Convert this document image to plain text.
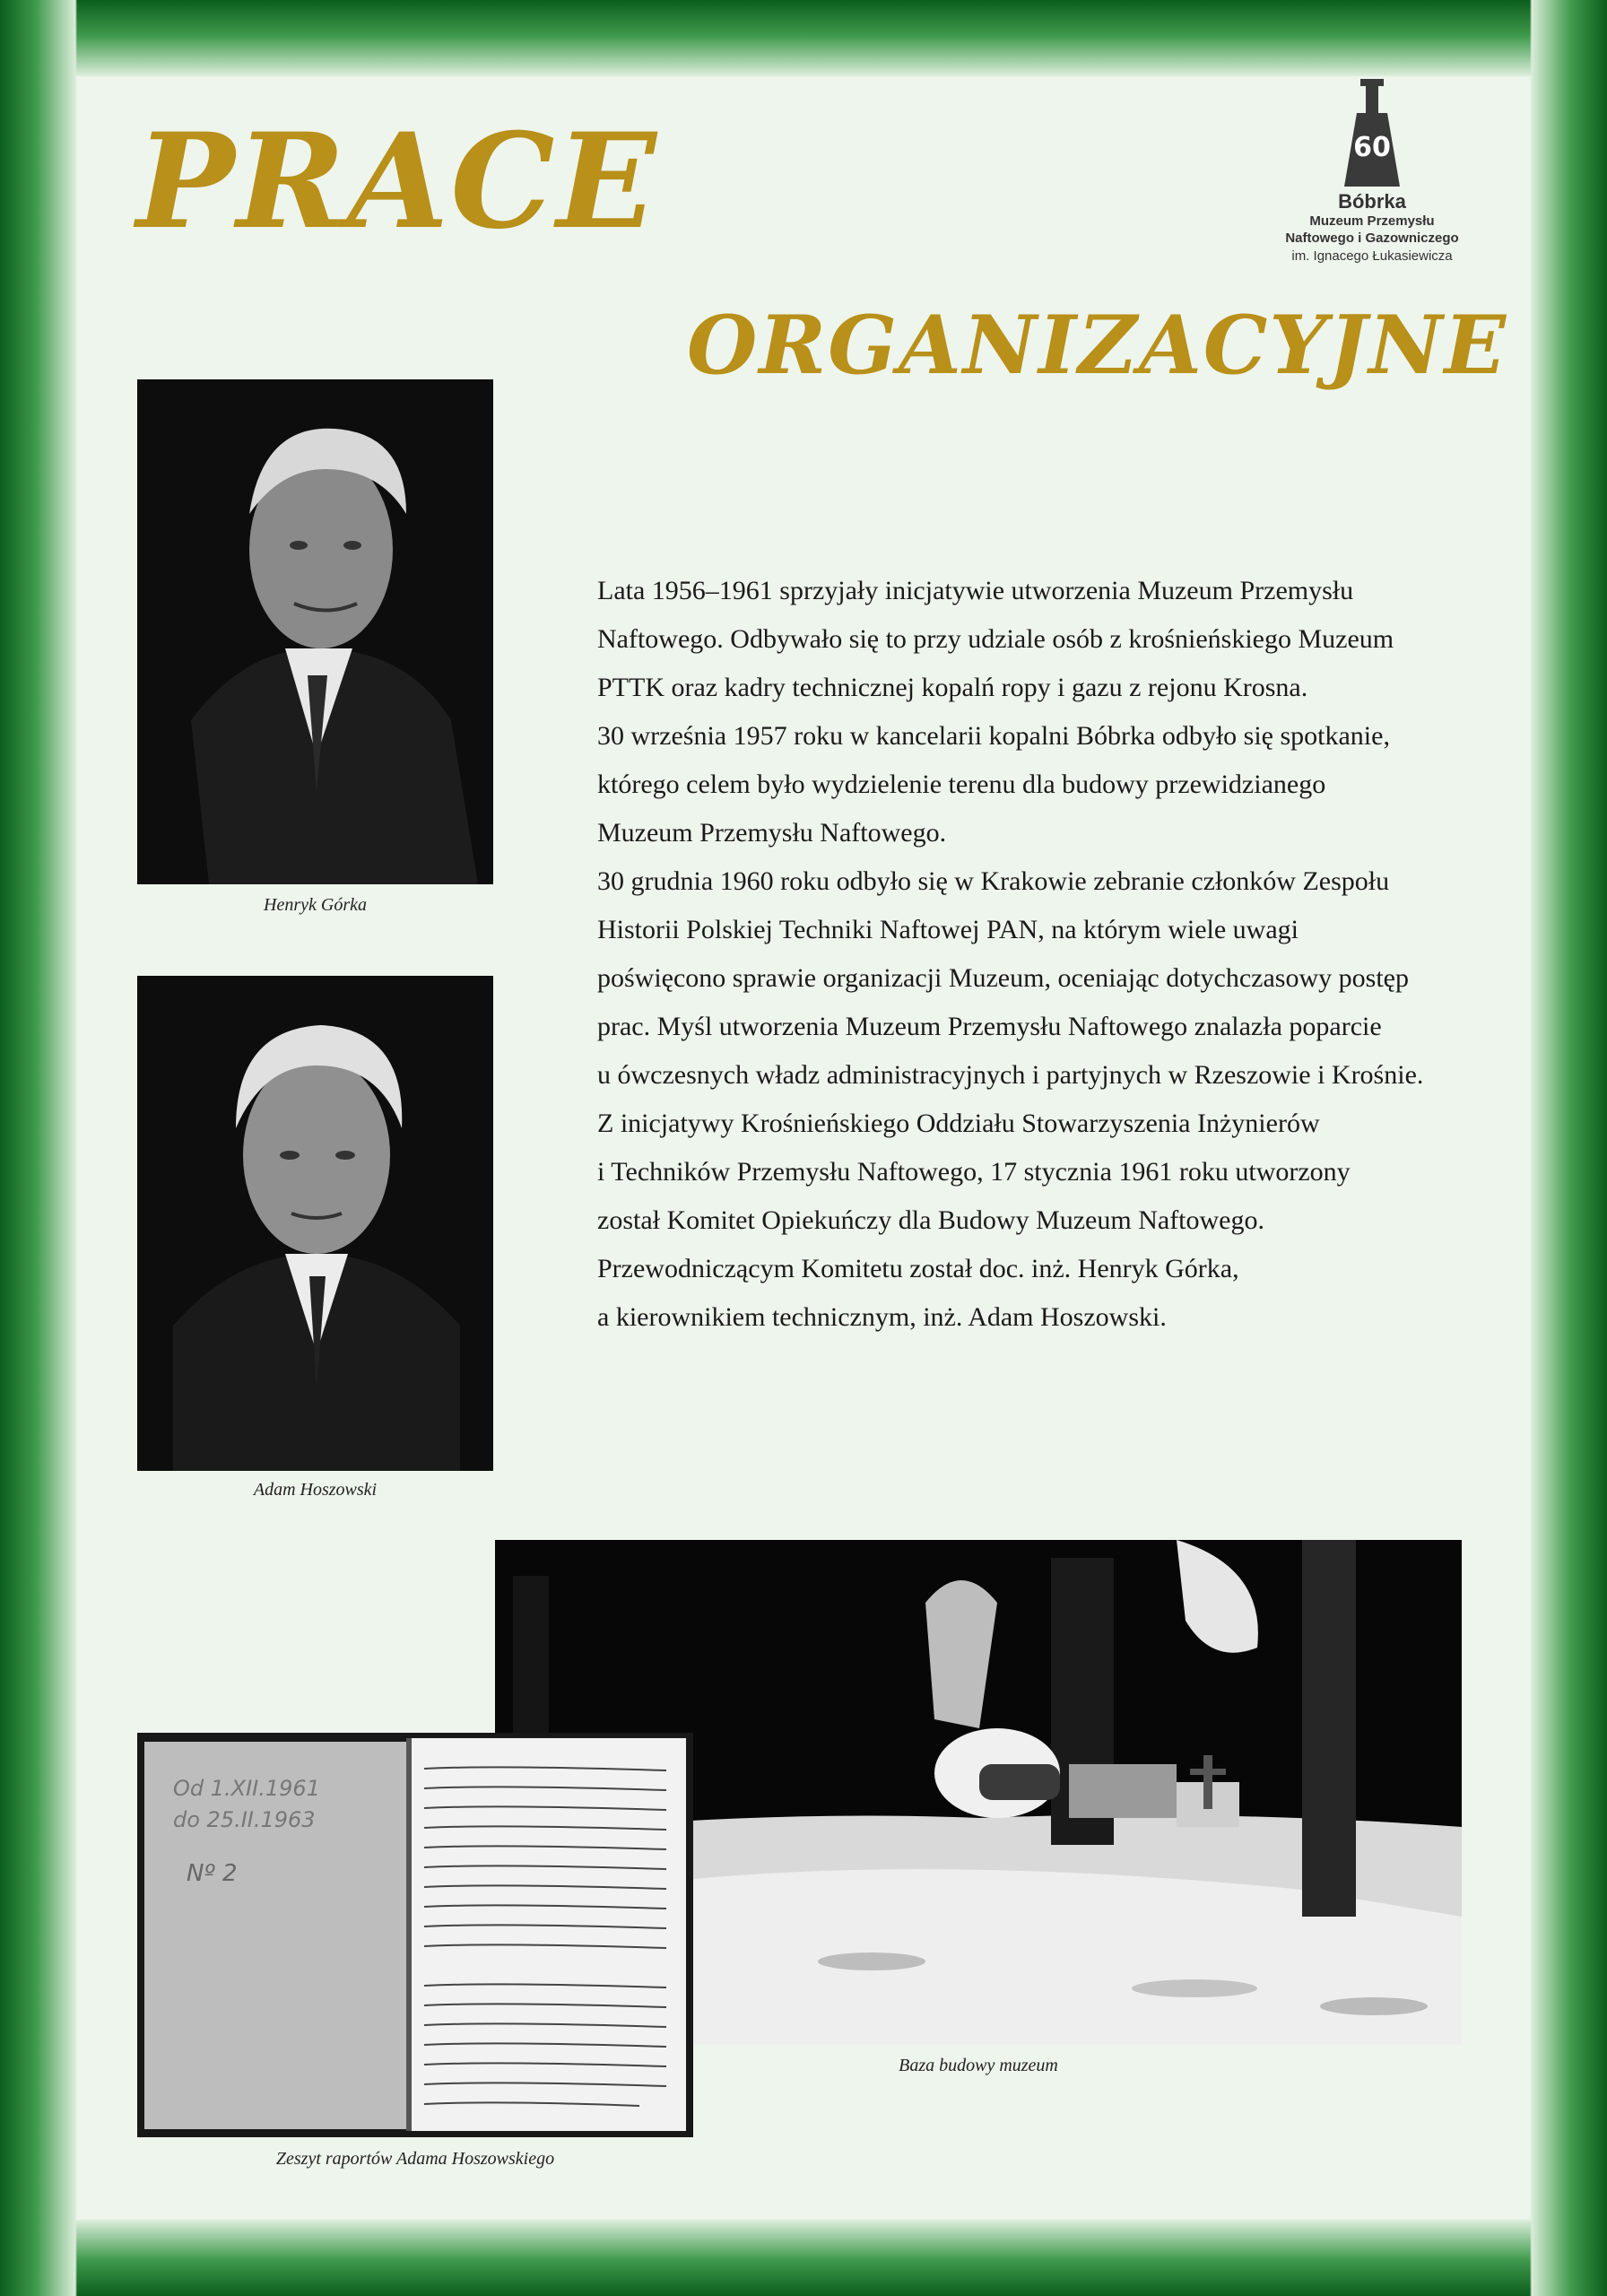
PRACE
ORGANIZACYJNE
60
Bóbrka
Muzeum Przemysłu
Naftowego i Gazowniczego
im. Ignacego Łukasiewicza
Henryk Górka
Adam Hoszowski
Lata 1956–1961 sprzyjały inicjatywie utworzenia Muzeum Przemysłu
Naftowego. Odbywało się to przy udziale osób z krośnieńskiego Muzeum
PTTK oraz kadry technicznej kopalń ropy i gazu z rejonu Krosna.
30 września 1957 roku w kancelarii kopalni Bóbrka odbyło się spotkanie,
którego celem było wydzielenie terenu dla budowy przewidzianego
Muzeum Przemysłu Naftowego.
30 grudnia 1960 roku odbyło się w Krakowie zebranie członków Zespołu
Historii Polskiej Techniki Naftowej PAN, na którym wiele uwagi
poświęcono sprawie organizacji Muzeum, oceniając dotychczasowy postęp
prac. Myśl utworzenia Muzeum Przemysłu Naftowego znalazła poparcie
u ówczesnych władz administracyjnych i partyjnych w Rzeszowie i Krośnie.
Z inicjatywy Krośnieńskiego Oddziału Stowarzyszenia Inżynierów
i Techników Przemysłu Naftowego, 17 stycznia 1961 roku utworzony
został Komitet Opiekuńczy dla Budowy Muzeum Naftowego.
Przewodniczącym Komitetu został doc. inż. Henryk Górka,
a kierownikiem technicznym, inż. Adam Hoszowski.
Baza budowy muzeum
Od 1.XII.1961
do 25.II.1963
Nº 2
Zeszyt raportów Adama Hoszowskiego
